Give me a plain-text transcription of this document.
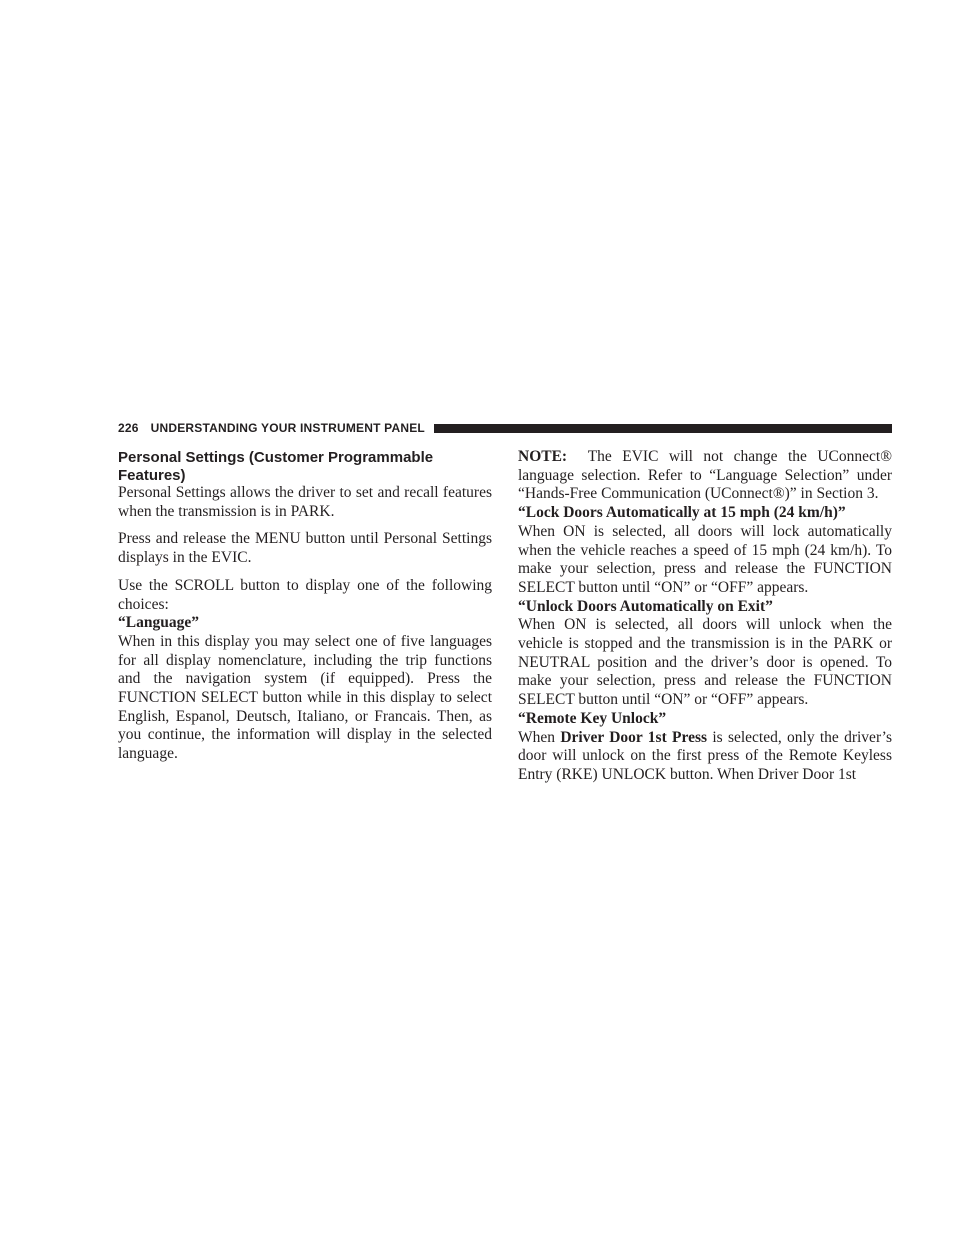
226 UNDERSTANDING YOUR INSTRUMENT PANEL
Personal Settings (Customer Programmable
Features)

Personal Settings allows the driver to set and recall features when the transmission is in PARK.

Press and release the MENU button until Personal Settings displays in the EVIC.

Use the SCROLL button to display one of the following choices:

“Language”

When in this display you may select one of five languages for all display nomenclature, including the trip functions and the navigation system (if equipped). Press the FUNCTION SELECT button while in this display to select English, Espanol, Deutsch, Italiano, or Francais. Then, as you continue, the information will display in the selected language.

NOTE: The EVIC will not change the UConnect® language selection. Refer to “Language Selection” under “Hands-Free Communication (UConnect®)” in Section 3.

“Lock Doors Automatically at 15 mph (24 km/h)”

When ON is selected, all doors will lock automatically when the vehicle reaches a speed of 15 mph (24 km/h). To make your selection, press and release the FUNCTION SELECT button until “ON” or “OFF” appears.

“Unlock Doors Automatically on Exit”

When ON is selected, all doors will unlock when the vehicle is stopped and the transmission is in the PARK or NEUTRAL position and the driver’s door is opened. To make your selection, press and release the FUNCTION SELECT button until “ON” or “OFF” appears.

“Remote Key Unlock”

When Driver Door 1st Press is selected, only the driver’s door will unlock on the first press of the Remote Keyless Entry (RKE) UNLOCK button. When Driver Door 1st
